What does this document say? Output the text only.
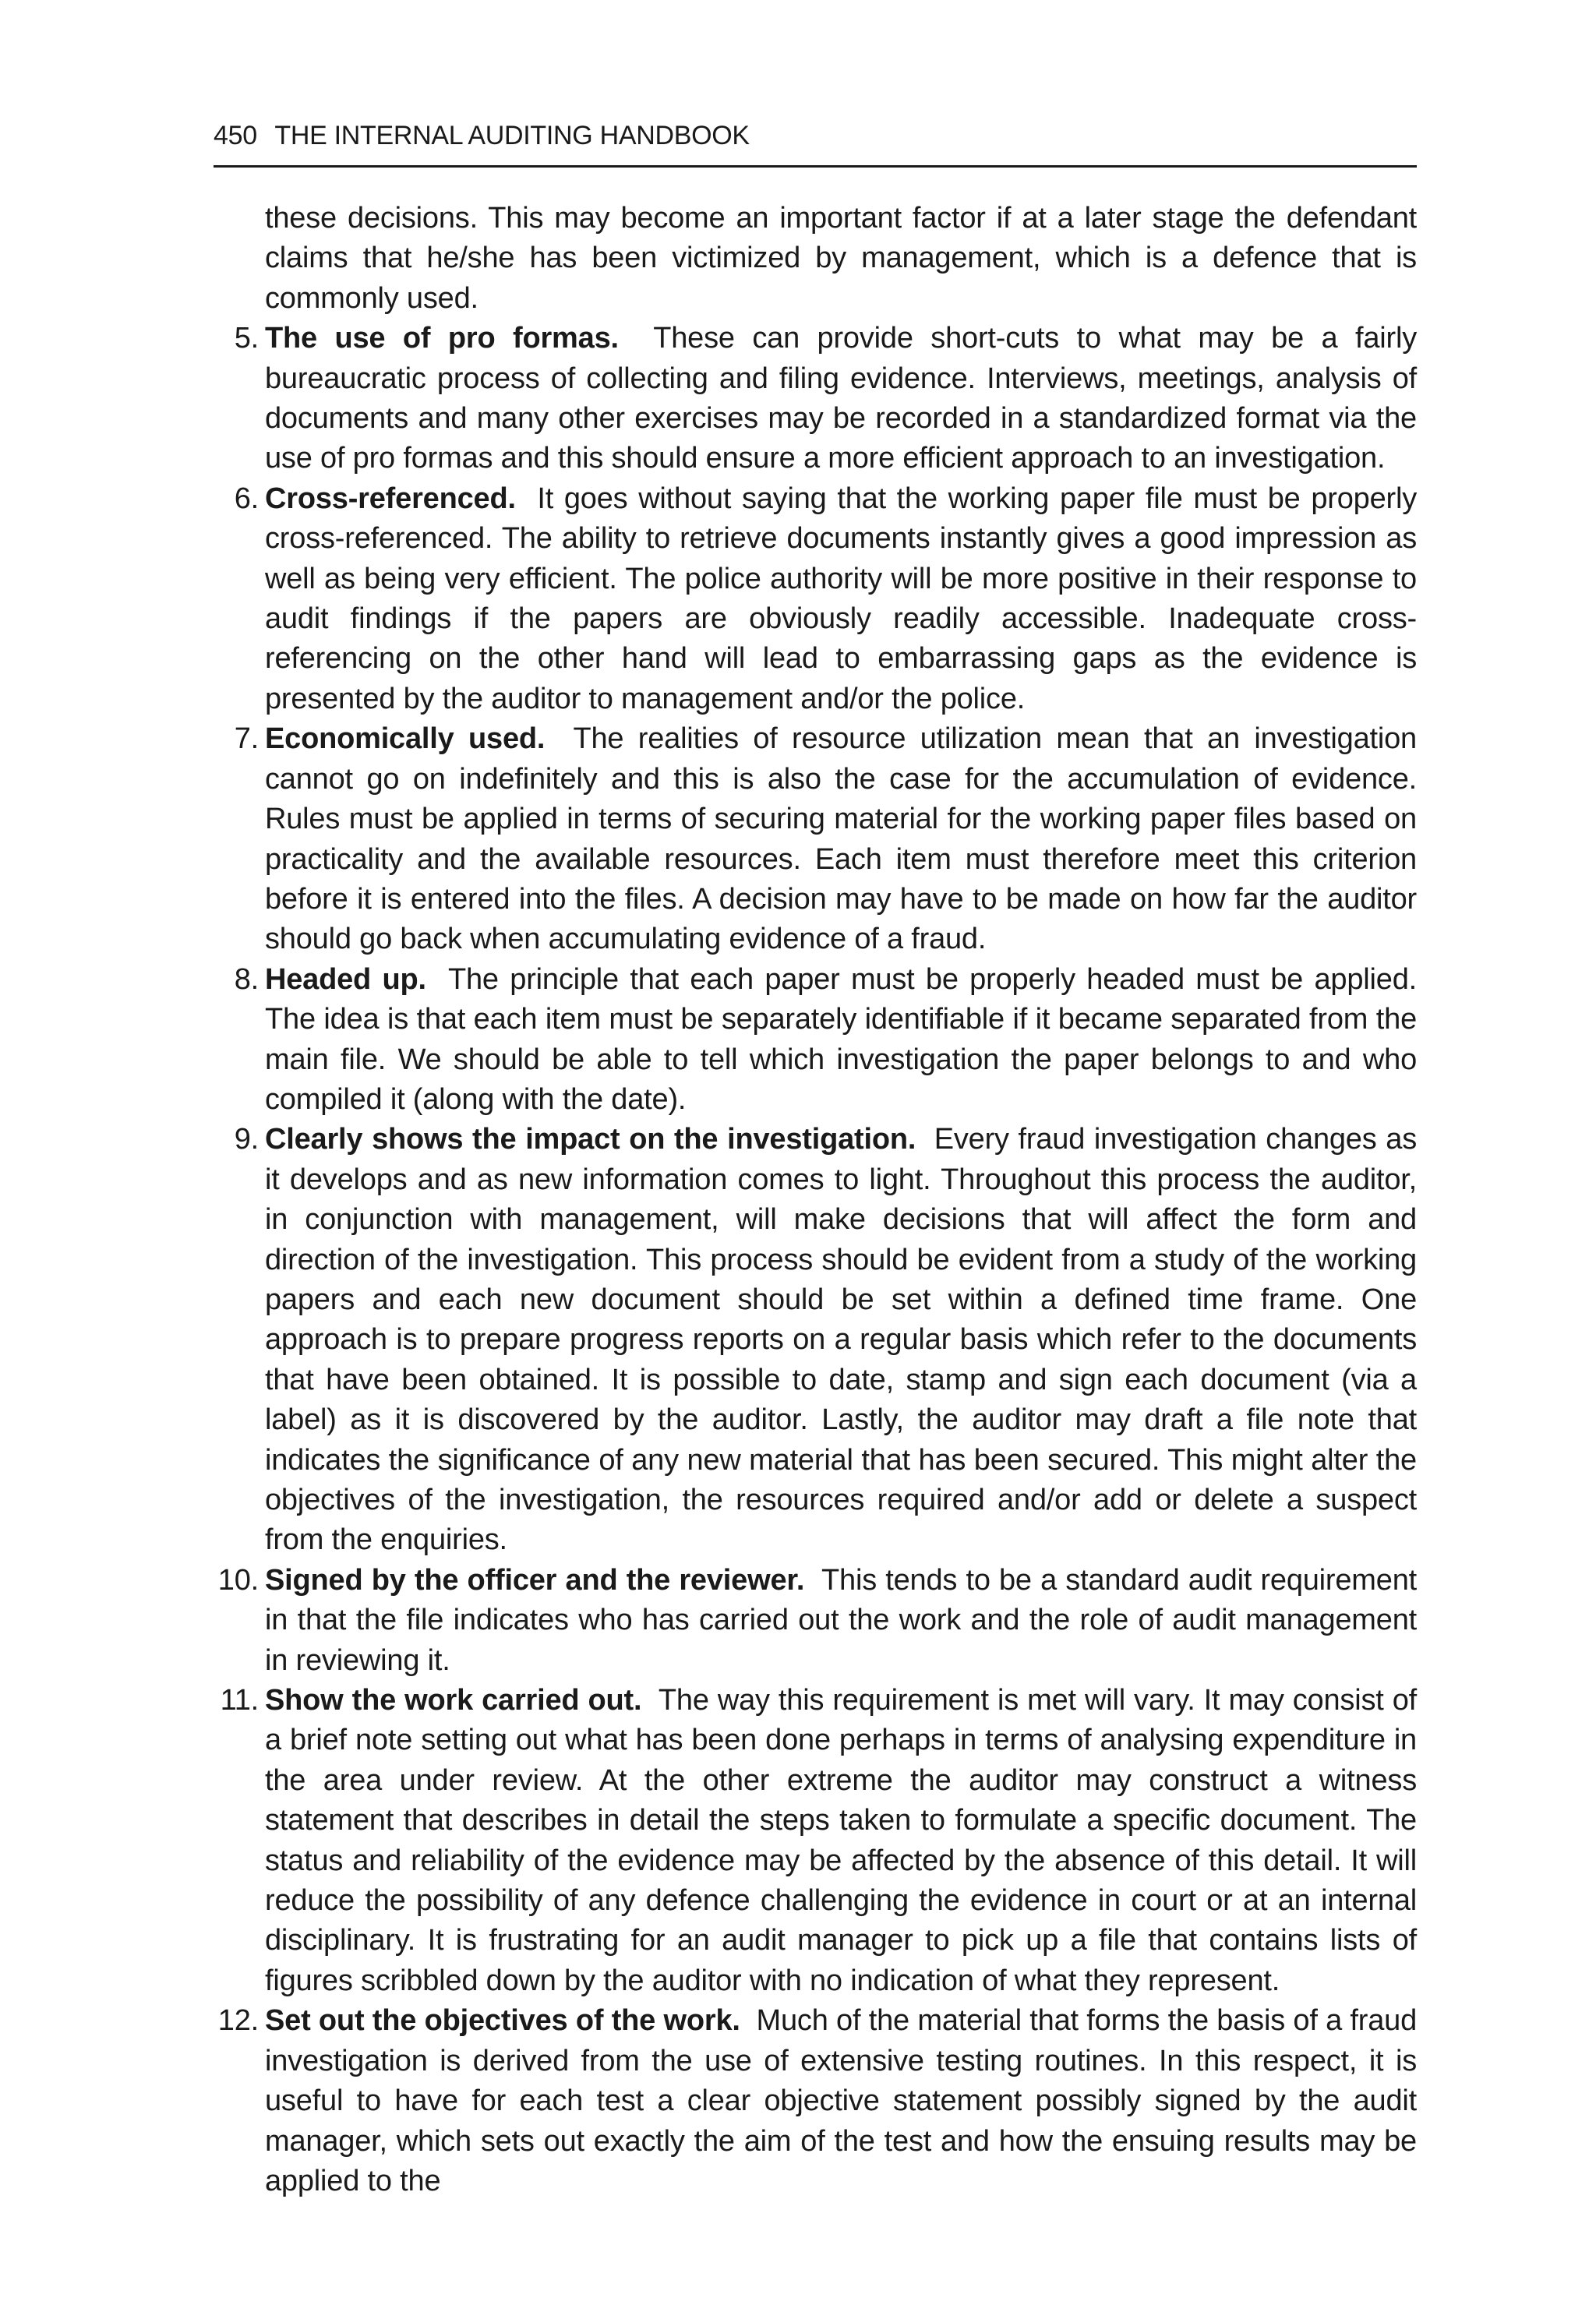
450 THE INTERNAL AUDITING HANDBOOK

these decisions. This may become an important factor if at a later stage the defendant claims that he/she has been victimized by management, which is a defence that is commonly used.

5. The use of pro formas. These can provide short-cuts to what may be a fairly bureaucratic process of collecting and filing evidence. Interviews, meetings, analysis of documents and many other exercises may be recorded in a standardized format via the use of pro formas and this should ensure a more efficient approach to an investigation.
6. Cross-referenced. It goes without saying that the working paper file must be properly cross-referenced. The ability to retrieve documents instantly gives a good impression as well as being very efficient. The police authority will be more positive in their response to audit findings if the papers are obviously readily accessible. Inadequate cross-referencing on the other hand will lead to embarrassing gaps as the evidence is presented by the auditor to management and/or the police.
7. Economically used. The realities of resource utilization mean that an investigation cannot go on indefinitely and this is also the case for the accumulation of evidence. Rules must be applied in terms of securing material for the working paper files based on practicality and the available resources. Each item must therefore meet this criterion before it is entered into the files. A decision may have to be made on how far the auditor should go back when accumulating evidence of a fraud.
8. Headed up. The principle that each paper must be properly headed must be applied. The idea is that each item must be separately identifiable if it became separated from the main file. We should be able to tell which investigation the paper belongs to and who compiled it (along with the date).
9. Clearly shows the impact on the investigation. Every fraud investigation changes as it develops and as new information comes to light. Throughout this process the auditor, in conjunction with management, will make decisions that will affect the form and direction of the investigation. This process should be evident from a study of the working papers and each new document should be set within a defined time frame. One approach is to prepare progress reports on a regular basis which refer to the documents that have been obtained. It is possible to date, stamp and sign each document (via a label) as it is discovered by the auditor. Lastly, the auditor may draft a file note that indicates the significance of any new material that has been secured. This might alter the objectives of the investigation, the resources required and/or add or delete a suspect from the enquiries.
10. Signed by the officer and the reviewer. This tends to be a standard audit requirement in that the file indicates who has carried out the work and the role of audit management in reviewing it.
11. Show the work carried out. The way this requirement is met will vary. It may consist of a brief note setting out what has been done perhaps in terms of analysing expenditure in the area under review. At the other extreme the auditor may construct a witness statement that describes in detail the steps taken to formulate a specific document. The status and reliability of the evidence may be affected by the absence of this detail. It will reduce the possibility of any defence challenging the evidence in court or at an internal disciplinary. It is frustrating for an audit manager to pick up a file that contains lists of figures scribbled down by the auditor with no indication of what they represent.
12. Set out the objectives of the work. Much of the material that forms the basis of a fraud investigation is derived from the use of extensive testing routines. In this respect, it is useful to have for each test a clear objective statement possibly signed by the audit manager, which sets out exactly the aim of the test and how the ensuing results may be applied to the
